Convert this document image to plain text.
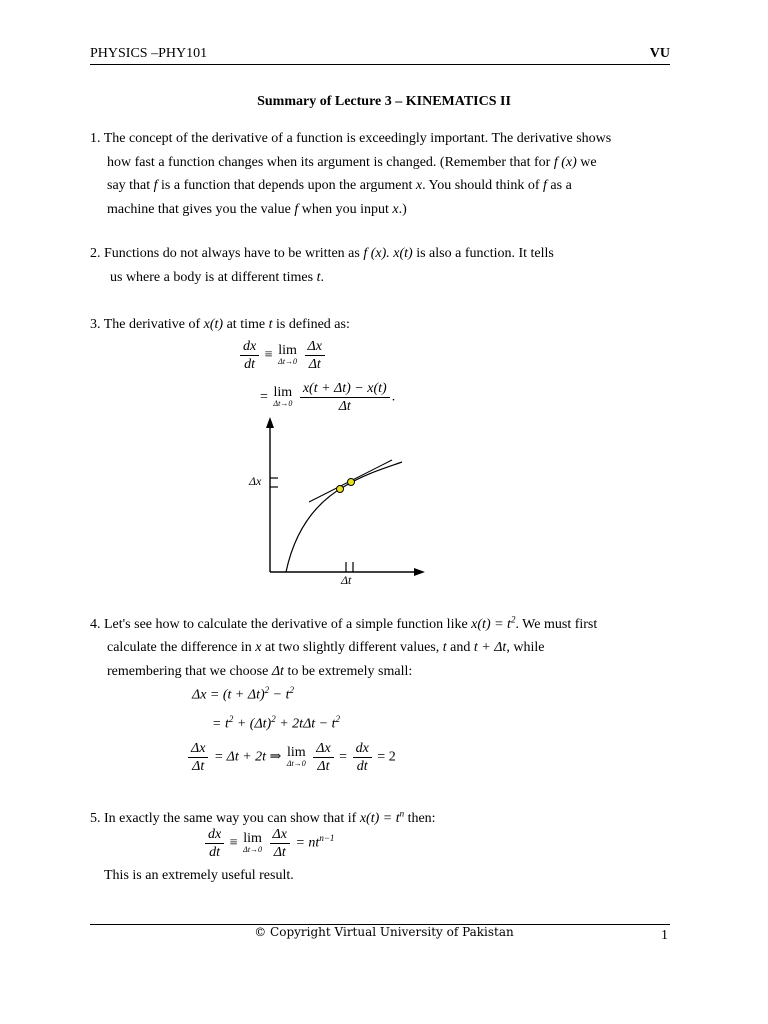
PHYSICS –PHY101	VU
Summary of Lecture 3 – KINEMATICS II
1. The concept of the derivative of a function is exceedingly important. The derivative shows
how fast a function changes when its argument is changed. (Remember that for f (x) we
say that f is a function that depends upon the argument x. You should think of f as a
machine that gives you the value f when you input x.)
2. Functions do not always have to be written as f (x). x(t) is also a function. It tells
us where a body is at different times t.
3. The derivative of x(t) at time t is defined as:
$\frac{dx}{dt} \equiv \lim$
Δt→0
$\frac{\Delta x}{\Delta t}$
= lim
Δt→0
$\frac{x(t + \Delta t) - x(t)}{\Delta t}$ .
Δx
Δt
4. Let's see how to calculate the derivative of a simple function like $x(t) = t^2$. We must first
calculate the difference in x at two slightly different values, t and t + Δt, while
remembering that we choose Δt to be extremely small:
$\Delta x = (t + \Delta t)^2 - t^2$
= $t^2 + (\Delta t)^2 + 2t\Delta t - t^2$
$\frac{\Delta x}{\Delta t} = \Delta t + 2t$ ⇒ lim
Δt→0
$\frac{\Delta x}{\Delta t} = \frac{dx}{dt} = 2$
5. In exactly the same way you can show that if $x(t) = t^n$ then:
$\frac{dx}{dt} \equiv \lim$
Δt→0
$\frac{\Delta x}{\Delta t} = nt^{n-1}$
This is an extremely useful result.
© Copyright Virtual University of Pakistan	1
